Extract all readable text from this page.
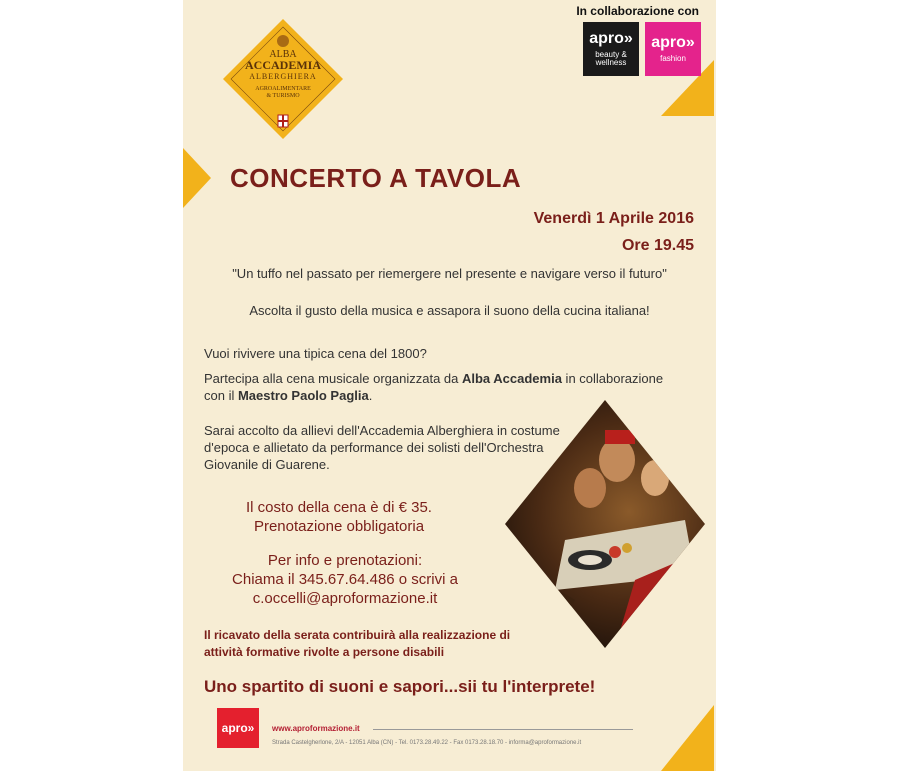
ALBA
ACCADEMIA
ALBERGHIERA
AGROALIMENTARE
& TURISMO
In collaborazione con
apro»
beauty & wellness
apro»
fashion
CONCERTO A TAVOLA
Venerdì 1 Aprile 2016
Ore 19.45
"Un tuffo nel passato per riemergere nel presente e navigare verso il futuro"
Ascolta il gusto della musica e assapora il suono della cucina italiana!
Vuoi rivivere una tipica cena del 1800?
Partecipa alla cena musicale organizzata da Alba Accademia in collaborazione
con il Maestro Paolo Paglia.
Sarai accolto da allievi dell'Accademia Alberghiera in costume
d'epoca e allietato da performance dei solisti dell'Orchestra
Giovanile di Guarene.
Il costo della cena è di € 35.
Prenotazione obbligatoria
Per info e prenotazioni:
Chiama il 345.67.64.486 o scrivi a
c.occelli@aproformazione.it
Il ricavato della serata contribuirà alla realizzazione di
attività formative rivolte a persone disabili
Uno spartito di suoni e sapori...sii tu l'interprete!
apro»	www.aproformazione.it
Strada Castelgherlone, 2/A - 12051 Alba (CN) - Tel. 0173.28.49.22 - Fax 0173.28.18.70 - informa@aproformazione.it
